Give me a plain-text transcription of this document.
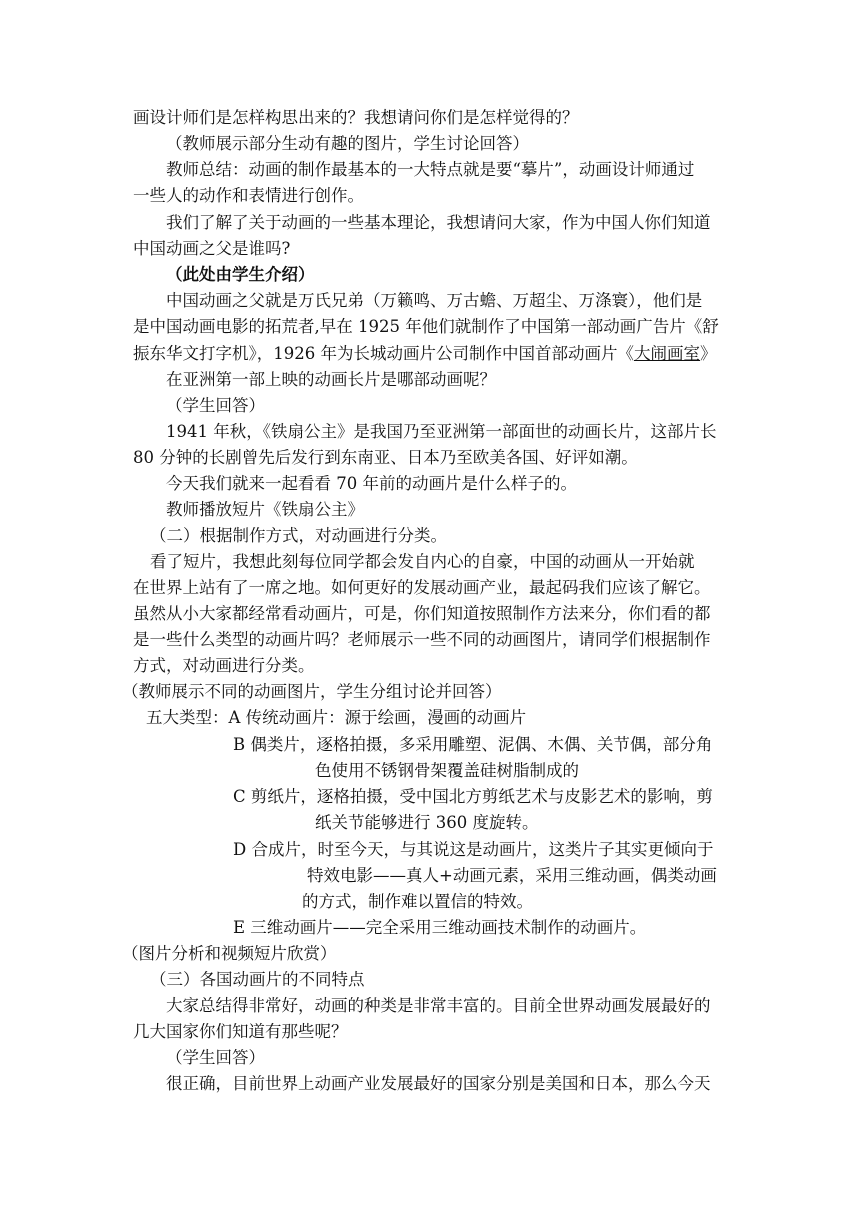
画设计师们是怎样构思出来的？我想请问你们是怎样觉得的？
（教师展示部分生动有趣的图片，学生讨论回答）
教师总结：动画的制作最基本的一大特点就是要“摹片”，动画设计师通过
一些人的动作和表情进行创作。
我们了解了关于动画的一些基本理论，我想请问大家，作为中国人你们知道
中国动画之父是谁吗?
（此处由学生介绍）
中国动画之父就是万氏兄弟（万籁鸣、万古蟾、万超尘、万涤寰），他们是
是中国动画电影的拓荒者,早在 1925 年他们就制作了中国第一部动画广告片《舒
振东华文打字机》，1926 年为长城动画片公司制作中国首部动画片《大闹画室》
在亚洲第一部上映的动画长片是哪部动画呢？
（学生回答）
1941 年秋，《铁扇公主》是我国乃至亚洲第一部面世的动画长片，这部片长
80 分钟的长剧曾先后发行到东南亚、日本乃至欧美各国、好评如潮。
今天我们就来一起看看 70 年前的动画片是什么样子的。
教师播放短片《铁扇公主》
（二）根据制作方式，对动画进行分类。
看了短片，我想此刻每位同学都会发自内心的自豪，中国的动画从一开始就
在世界上站有了一席之地。如何更好的发展动画产业，最起码我们应该了解它。
虽然从小大家都经常看动画片，可是，你们知道按照制作方法来分，你们看的都
是一些什么类型的动画片吗？老师展示一些不同的动画图片，请同学们根据制作
方式，对动画进行分类。
（教师展示不同的动画图片，学生分组讨论并回答）
五大类型：A 传统动画片：源于绘画，漫画的动画片
B 偶类片，逐格拍摄，多采用雕塑、泥偶、木偶、关节偶，部分角
色使用不锈钢骨架覆盖硅树脂制成的
C 剪纸片，逐格拍摄，受中国北方剪纸艺术与皮影艺术的影响，剪
纸关节能够进行 360 度旋转。
D 合成片，时至今天，与其说这是动画片，这类片子其实更倾向于
特效电影——真人+动画元素，采用三维动画，偶类动画
的方式，制作难以置信的特效。
E 三维动画片——完全采用三维动画技术制作的动画片。
（图片分析和视频短片欣赏）
（三）各国动画片的不同特点
大家总结得非常好，动画的种类是非常丰富的。目前全世界动画发展最好的
几大国家你们知道有那些呢？
（学生回答）
很正确，目前世界上动画产业发展最好的国家分别是美国和日本，那么今天
